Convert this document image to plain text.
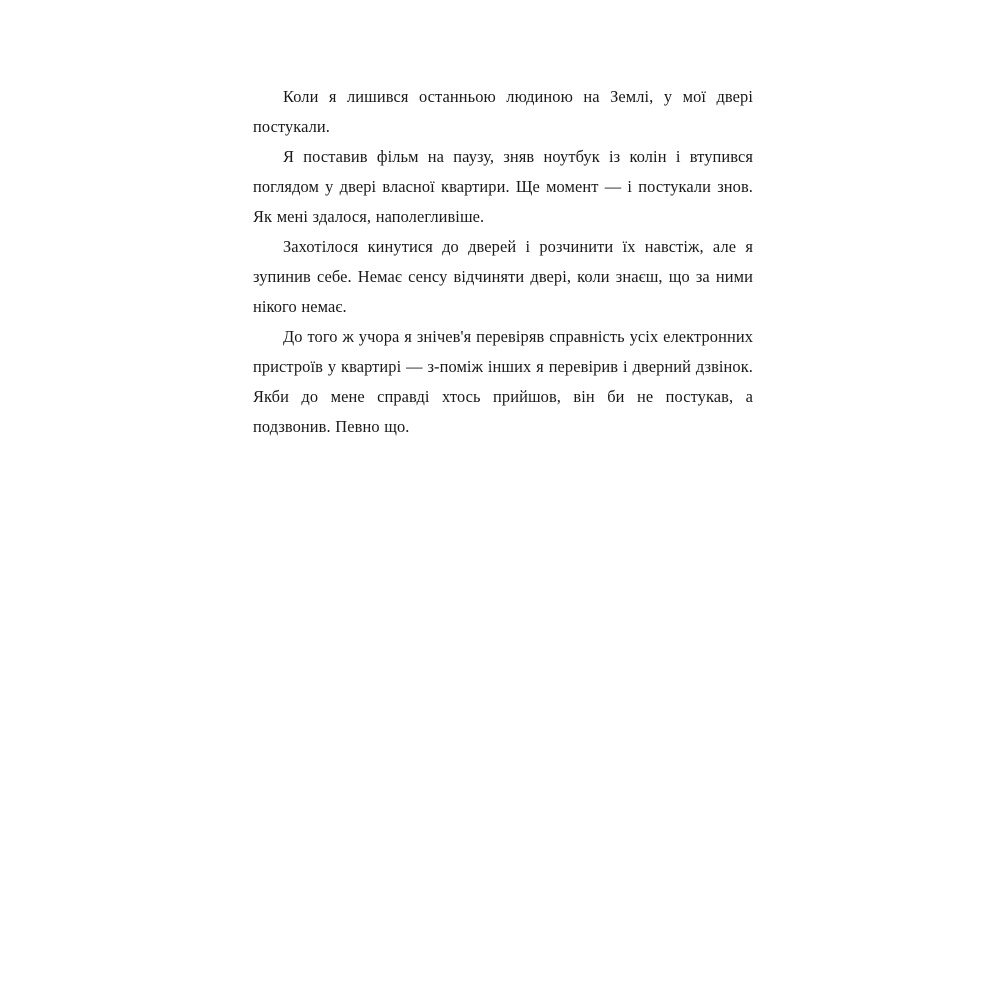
Коли я лишився останньою людиною на Землі, у мої двері постукали.

Я поставив фільм на паузу, зняв ноутбук із колін і втупився поглядом у двері власної квартири. Ще момент — і постукали знов. Як мені здалося, наполегливіше.

Захотілося кинутися до дверей і розчинити їх навстіж, але я зупинив себе. Немає сенсу відчиняти двері, коли знаєш, що за ними нікого немає.

До того ж учора я знічев'я перевіряв справність усіх електронних пристроїв у квартирі — з-поміж інших я перевірив і дверний дзвінок. Якби до мене справді хтось прийшов, він би не постукав, а подзвонив. Певно що.
